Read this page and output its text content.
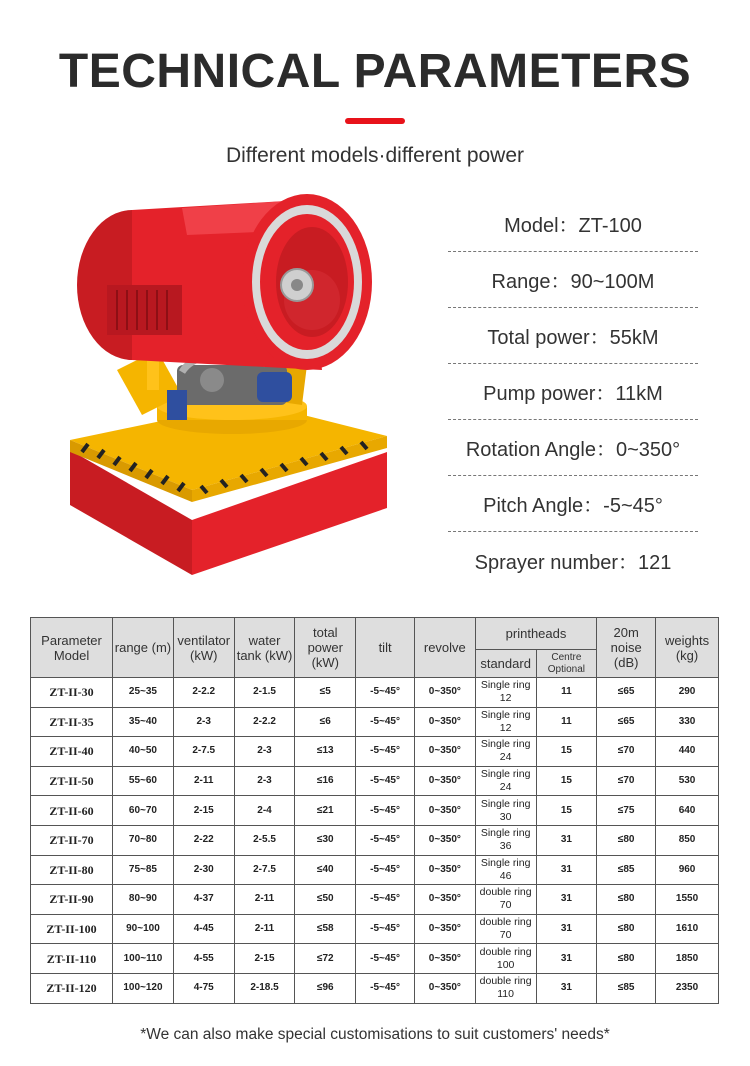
TECHNICAL PARAMETERS
Different models·different power
Model：ZT-100
Range：90~100M
Total power：55kM
Pump power：11kM
Rotation Angle：0~350°
Pitch Angle：-5~45°
Sprayer number：121
Parameter Model	range (m)	ventilator (kW)	water tank (kW)	total power (kW)	tilt	revolve	printheads		20m noise (dB)	weights (kg)
							standard	Centre Optional		
ZT-II-30	25~35	2-2.2	2-1.5	≤5	-5~45°	0~350°	Single ring 12	11	≤65	290
ZT-II-35	35~40	2-3	2-2.2	≤6	-5~45°	0~350°	Single ring 12	11	≤65	330
ZT-II-40	40~50	2-7.5	2-3	≤13	-5~45°	0~350°	Single ring 24	15	≤70	440
ZT-II-50	55~60	2-11	2-3	≤16	-5~45°	0~350°	Single ring 24	15	≤70	530
ZT-II-60	60~70	2-15	2-4	≤21	-5~45°	0~350°	Single ring 30	15	≤75	640
ZT-II-70	70~80	2-22	2-5.5	≤30	-5~45°	0~350°	Single ring 36	31	≤80	850
ZT-II-80	75~85	2-30	2-7.5	≤40	-5~45°	0~350°	Single ring 46	31	≤85	960
ZT-II-90	80~90	4-37	2-11	≤50	-5~45°	0~350°	double ring 70	31	≤80	1550
ZT-II-100	90~100	4-45	2-11	≤58	-5~45°	0~350°	double ring 70	31	≤80	1610
ZT-II-110	100~110	4-55	2-15	≤72	-5~45°	0~350°	double ring 100	31	≤80	1850
ZT-II-120	100~120	4-75	2-18.5	≤96	-5~45°	0~350°	double ring 110	31	≤85	2350
*We can also make special customisations to suit customers' needs*
